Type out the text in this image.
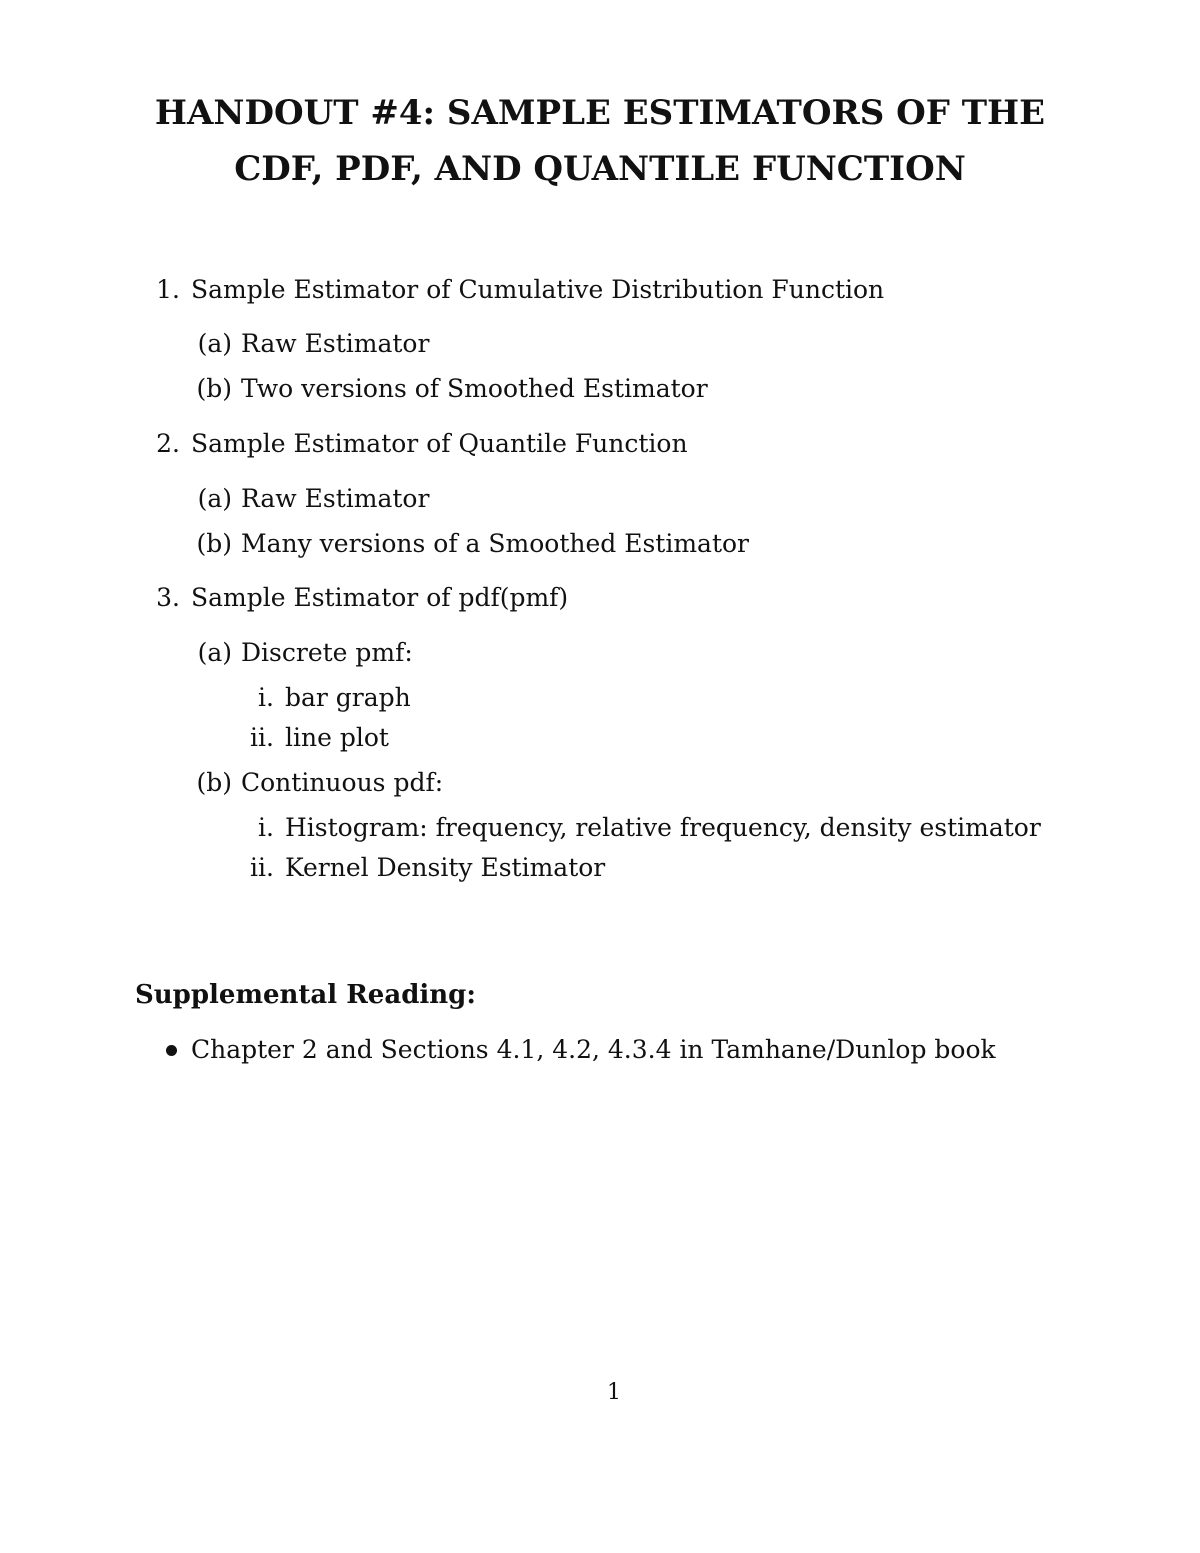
HANDOUT #4: SAMPLE ESTIMATORS OF THE
CDF, PDF, AND QUANTILE FUNCTION
1. Sample Estimator of Cumulative Distribution Function
(a) Raw Estimator
(b) Two versions of Smoothed Estimator
2. Sample Estimator of Quantile Function
(a) Raw Estimator
(b) Many versions of a Smoothed Estimator
3. Sample Estimator of pdf(pmf)
(a) Discrete pmf:
i. bar graph
ii. line plot
(b) Continuous pdf:
i. Histogram: frequency, relative frequency, density estimator
ii. Kernel Density Estimator
Supplemental Reading:
Chapter 2 and Sections 4.1, 4.2, 4.3.4 in Tamhane/Dunlop book
1
